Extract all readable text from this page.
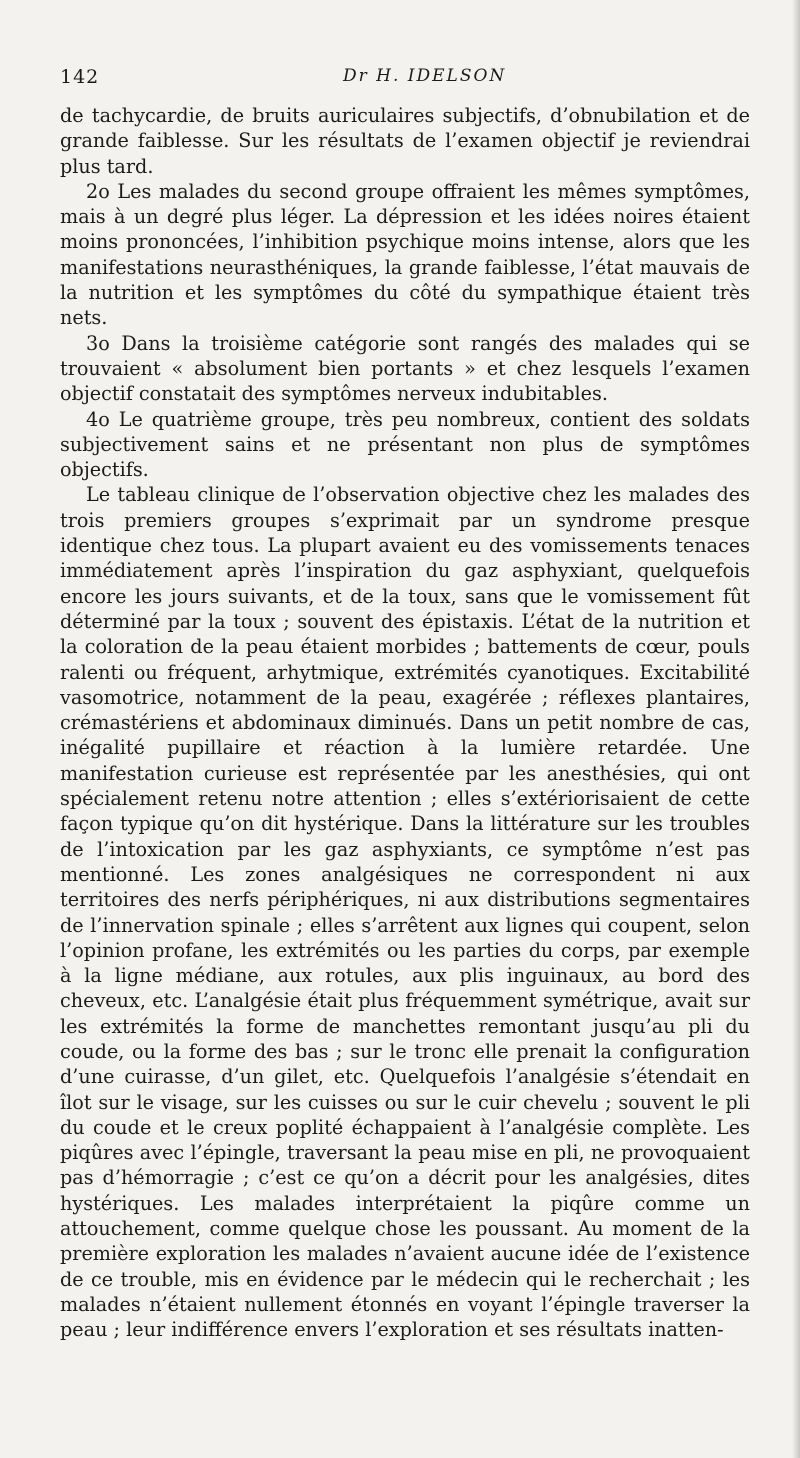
142	Dr H. IDELSON

de tachycardie, de bruits auriculaires subjectifs, d’obnubilation et de grande faiblesse. Sur les résultats de l’examen objectif je reviendrai plus tard.

2o Les malades du second groupe offraient les mêmes symptômes, mais à un degré plus léger. La dépression et les idées noires étaient moins prononcées, l’inhibition psychique moins intense, alors que les manifestations neurasthéniques, la grande faiblesse, l’état mauvais de la nutrition et les symptômes du côté du sympathique étaient très nets.

3o Dans la troisième catégorie sont rangés des malades qui se trouvaient « absolument bien portants » et chez lesquels l’examen objectif constatait des symptômes nerveux indubitables.

4o Le quatrième groupe, très peu nombreux, contient des soldats subjectivement sains et ne présentant non plus de symptômes objectifs.

Le tableau clinique de l’observation objective chez les malades des trois premiers groupes s’exprimait par un syndrome presque identique chez tous. La plupart avaient eu des vomissements tenaces immédiatement après l’inspiration du gaz asphyxiant, quelquefois encore les jours suivants, et de la toux, sans que le vomissement fût déterminé par la toux ; souvent des épistaxis. L’état de la nutrition et la coloration de la peau étaient morbides ; battements de cœur, pouls ralenti ou fréquent, arhytmique, extrémités cyanotiques. Excitabilité vasomotrice, notamment de la peau, exagérée ; réflexes plantaires, crémastériens et abdominaux diminués. Dans un petit nombre de cas, inégalité pupillaire et réaction à la lumière retardée. Une manifestation curieuse est représentée par les anesthésies, qui ont spécialement retenu notre attention ; elles s’extériorisaient de cette façon typique qu’on dit hystérique. Dans la littérature sur les troubles de l’intoxication par les gaz asphyxiants, ce symptôme n’est pas mentionné. Les zones analgésiques ne correspondent ni aux territoires des nerfs périphériques, ni aux distributions segmentaires de l’innervation spinale ; elles s’arrêtent aux lignes qui coupent, selon l’opinion profane, les extrémités ou les parties du corps, par exemple à la ligne médiane, aux rotules, aux plis inguinaux, au bord des cheveux, etc. L’analgésie était plus fréquemment symétrique, avait sur les extrémités la forme de manchettes remontant jusqu’au pli du coude, ou la forme des bas ; sur le tronc elle prenait la configuration d’une cuirasse, d’un gilet, etc. Quelquefois l’analgésie s’étendait en îlot sur le visage, sur les cuisses ou sur le cuir chevelu ; souvent le pli du coude et le creux poplité échappaient à l’analgésie complète. Les piqûres avec l’épingle, traversant la peau mise en pli, ne provoquaient pas d’hémorragie ; c’est ce qu’on a décrit pour les analgésies, dites hystériques. Les malades interprétaient la piqûre comme un attouchement, comme quelque chose les poussant. Au moment de la première exploration les malades n’avaient aucune idée de l’existence de ce trouble, mis en évidence par le médecin qui le recherchait ; les malades n’étaient nullement étonnés en voyant l’épingle traverser la peau ; leur indifférence envers l’exploration et ses résultats inatten-
